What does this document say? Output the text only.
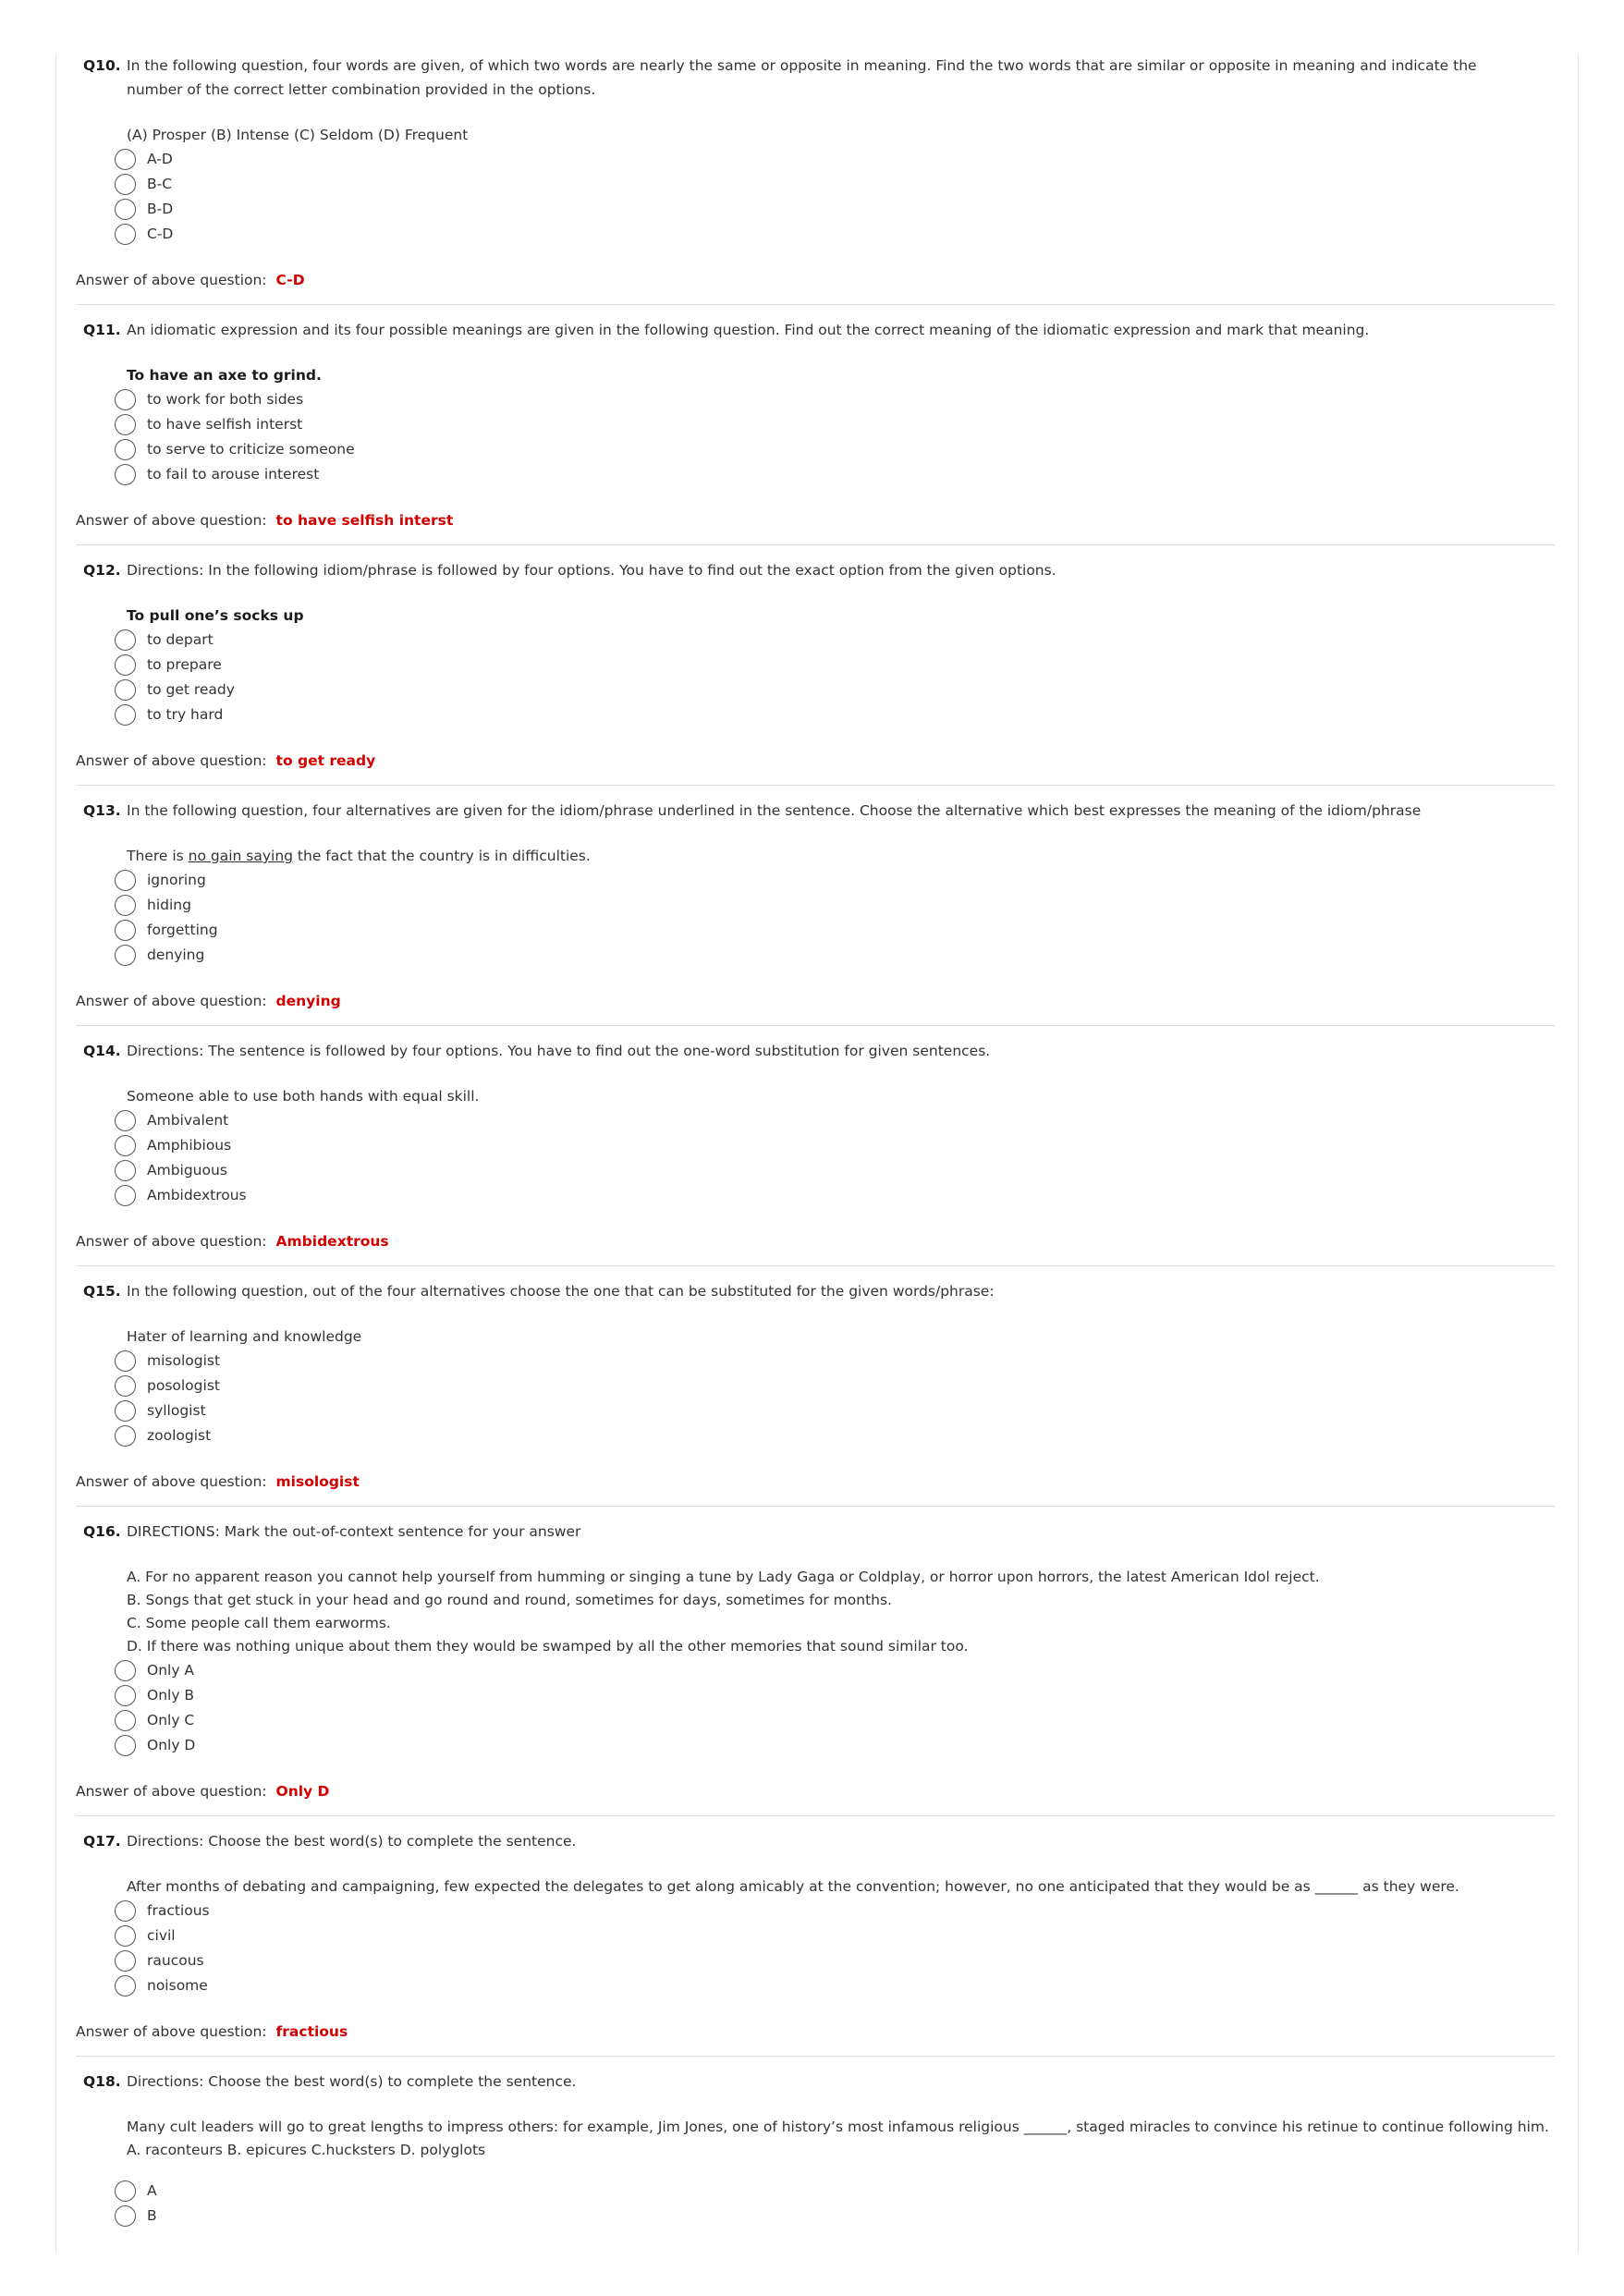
Q10. In the following question, four words are given, of which two words are nearly the same or opposite in meaning. Find the two words that are similar or opposite in meaning and indicate the number of the correct letter combination provided in the options.
(A) Prosper (B) Intense (C) Seldom (D) Frequent
A-D
B-C
B-D
C-D
Answer of above question: C-D
Q11. An idiomatic expression and its four possible meanings are given in the following question. Find out the correct meaning of the idiomatic expression and mark that meaning.
To have an axe to grind.
to work for both sides
to have selfish interst
to serve to criticize someone
to fail to arouse interest
Answer of above question: to have selfish interst
Q12. Directions: In the following idiom/phrase is followed by four options. You have to find out the exact option from the given options.
To pull one’s socks up
to depart
to prepare
to get ready
to try hard
Answer of above question: to get ready
Q13. In the following question, four alternatives are given for the idiom/phrase underlined in the sentence. Choose the alternative which best expresses the meaning of the idiom/phrase
There is no gain saying the fact that the country is in difficulties.
ignoring
hiding
forgetting
denying
Answer of above question: denying
Q14. Directions: The sentence is followed by four options. You have to find out the one-word substitution for given sentences.
Someone able to use both hands with equal skill.
Ambivalent
Amphibious
Ambiguous
Ambidextrous
Answer of above question: Ambidextrous
Q15. In the following question, out of the four alternatives choose the one that can be substituted for the given words/phrase:
Hater of learning and knowledge
misologist
posologist
syllogist
zoologist
Answer of above question: misologist
Q16. DIRECTIONS: Mark the out-of-context sentence for your answer
A. For no apparent reason you cannot help yourself from humming or singing a tune by Lady Gaga or Coldplay, or horror upon horrors, the latest American Idol reject.
B. Songs that get stuck in your head and go round and round, sometimes for days, sometimes for months.
C. Some people call them earworms.
D. If there was nothing unique about them they would be swamped by all the other memories that sound similar too.
Only A
Only B
Only C
Only D
Answer of above question: Only D
Q17. Directions: Choose the best word(s) to complete the sentence.
After months of debating and campaigning, few expected the delegates to get along amicably at the convention; however, no one anticipated that they would be as ______ as they were.
fractious
civil
raucous
noisome
Answer of above question: fractious
Q18. Directions: Choose the best word(s) to complete the sentence.
Many cult leaders will go to great lengths to impress others: for example, Jim Jones, one of history’s most infamous religious ______, staged miracles to convince his retinue to continue following him.
A. raconteurs B. epicures C.hucksters D. polyglots
A
B
